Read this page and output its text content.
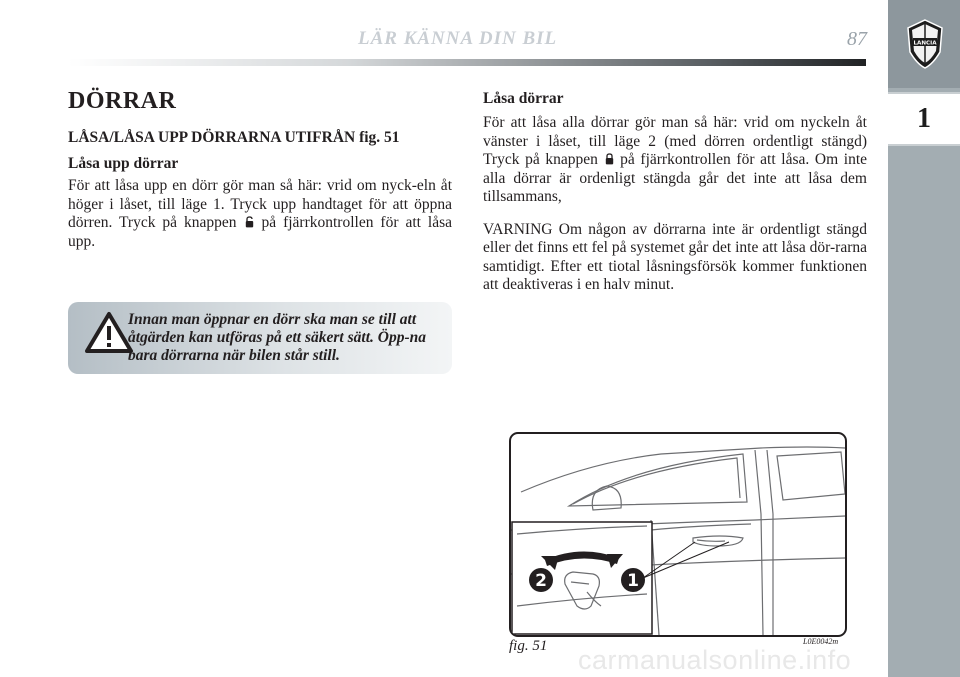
LÄR KÄNNA DIN BIL	87	LANCIA
1
DÖRRAR
LÅSA/LÅSA UPP DÖRRARNA UTIFRÅN fig. 51
Låsa upp dörrar

För att låsa upp en dörr gör man så här: vrid om nyck-eln åt höger i låset, till läge 1. Tryck upp handtaget för att öppna dörren. Tryck på knappen på fjärrkontrollen för att låsa upp.

Innan man öppnar en dörr ska man se till att åtgärden kan utföras på ett säkert sätt. Öpp-na bara dörrarna när bilen står still.
Låsa dörrar

För att låsa alla dörrar gör man så här: vrid om nyckeln åt vänster i låset, till läge 2 (med dörren ordentligt stängd) Tryck på knappen på fjärrkontrollen för att låsa. Om inte alla dörrar är ordenligt stängda går det inte att låsa dem tillsammans,

VARNING Om någon av dörrarna inte är ordentligt stängd eller det finns ett fel på systemet går det inte att låsa dör-rarna samtidigt. Efter ett tiotal låsningsförsök kommer funktionen att deaktiveras i en halv minut.

1
2
fig. 51	L0E0042m
carmanualsonline.info
